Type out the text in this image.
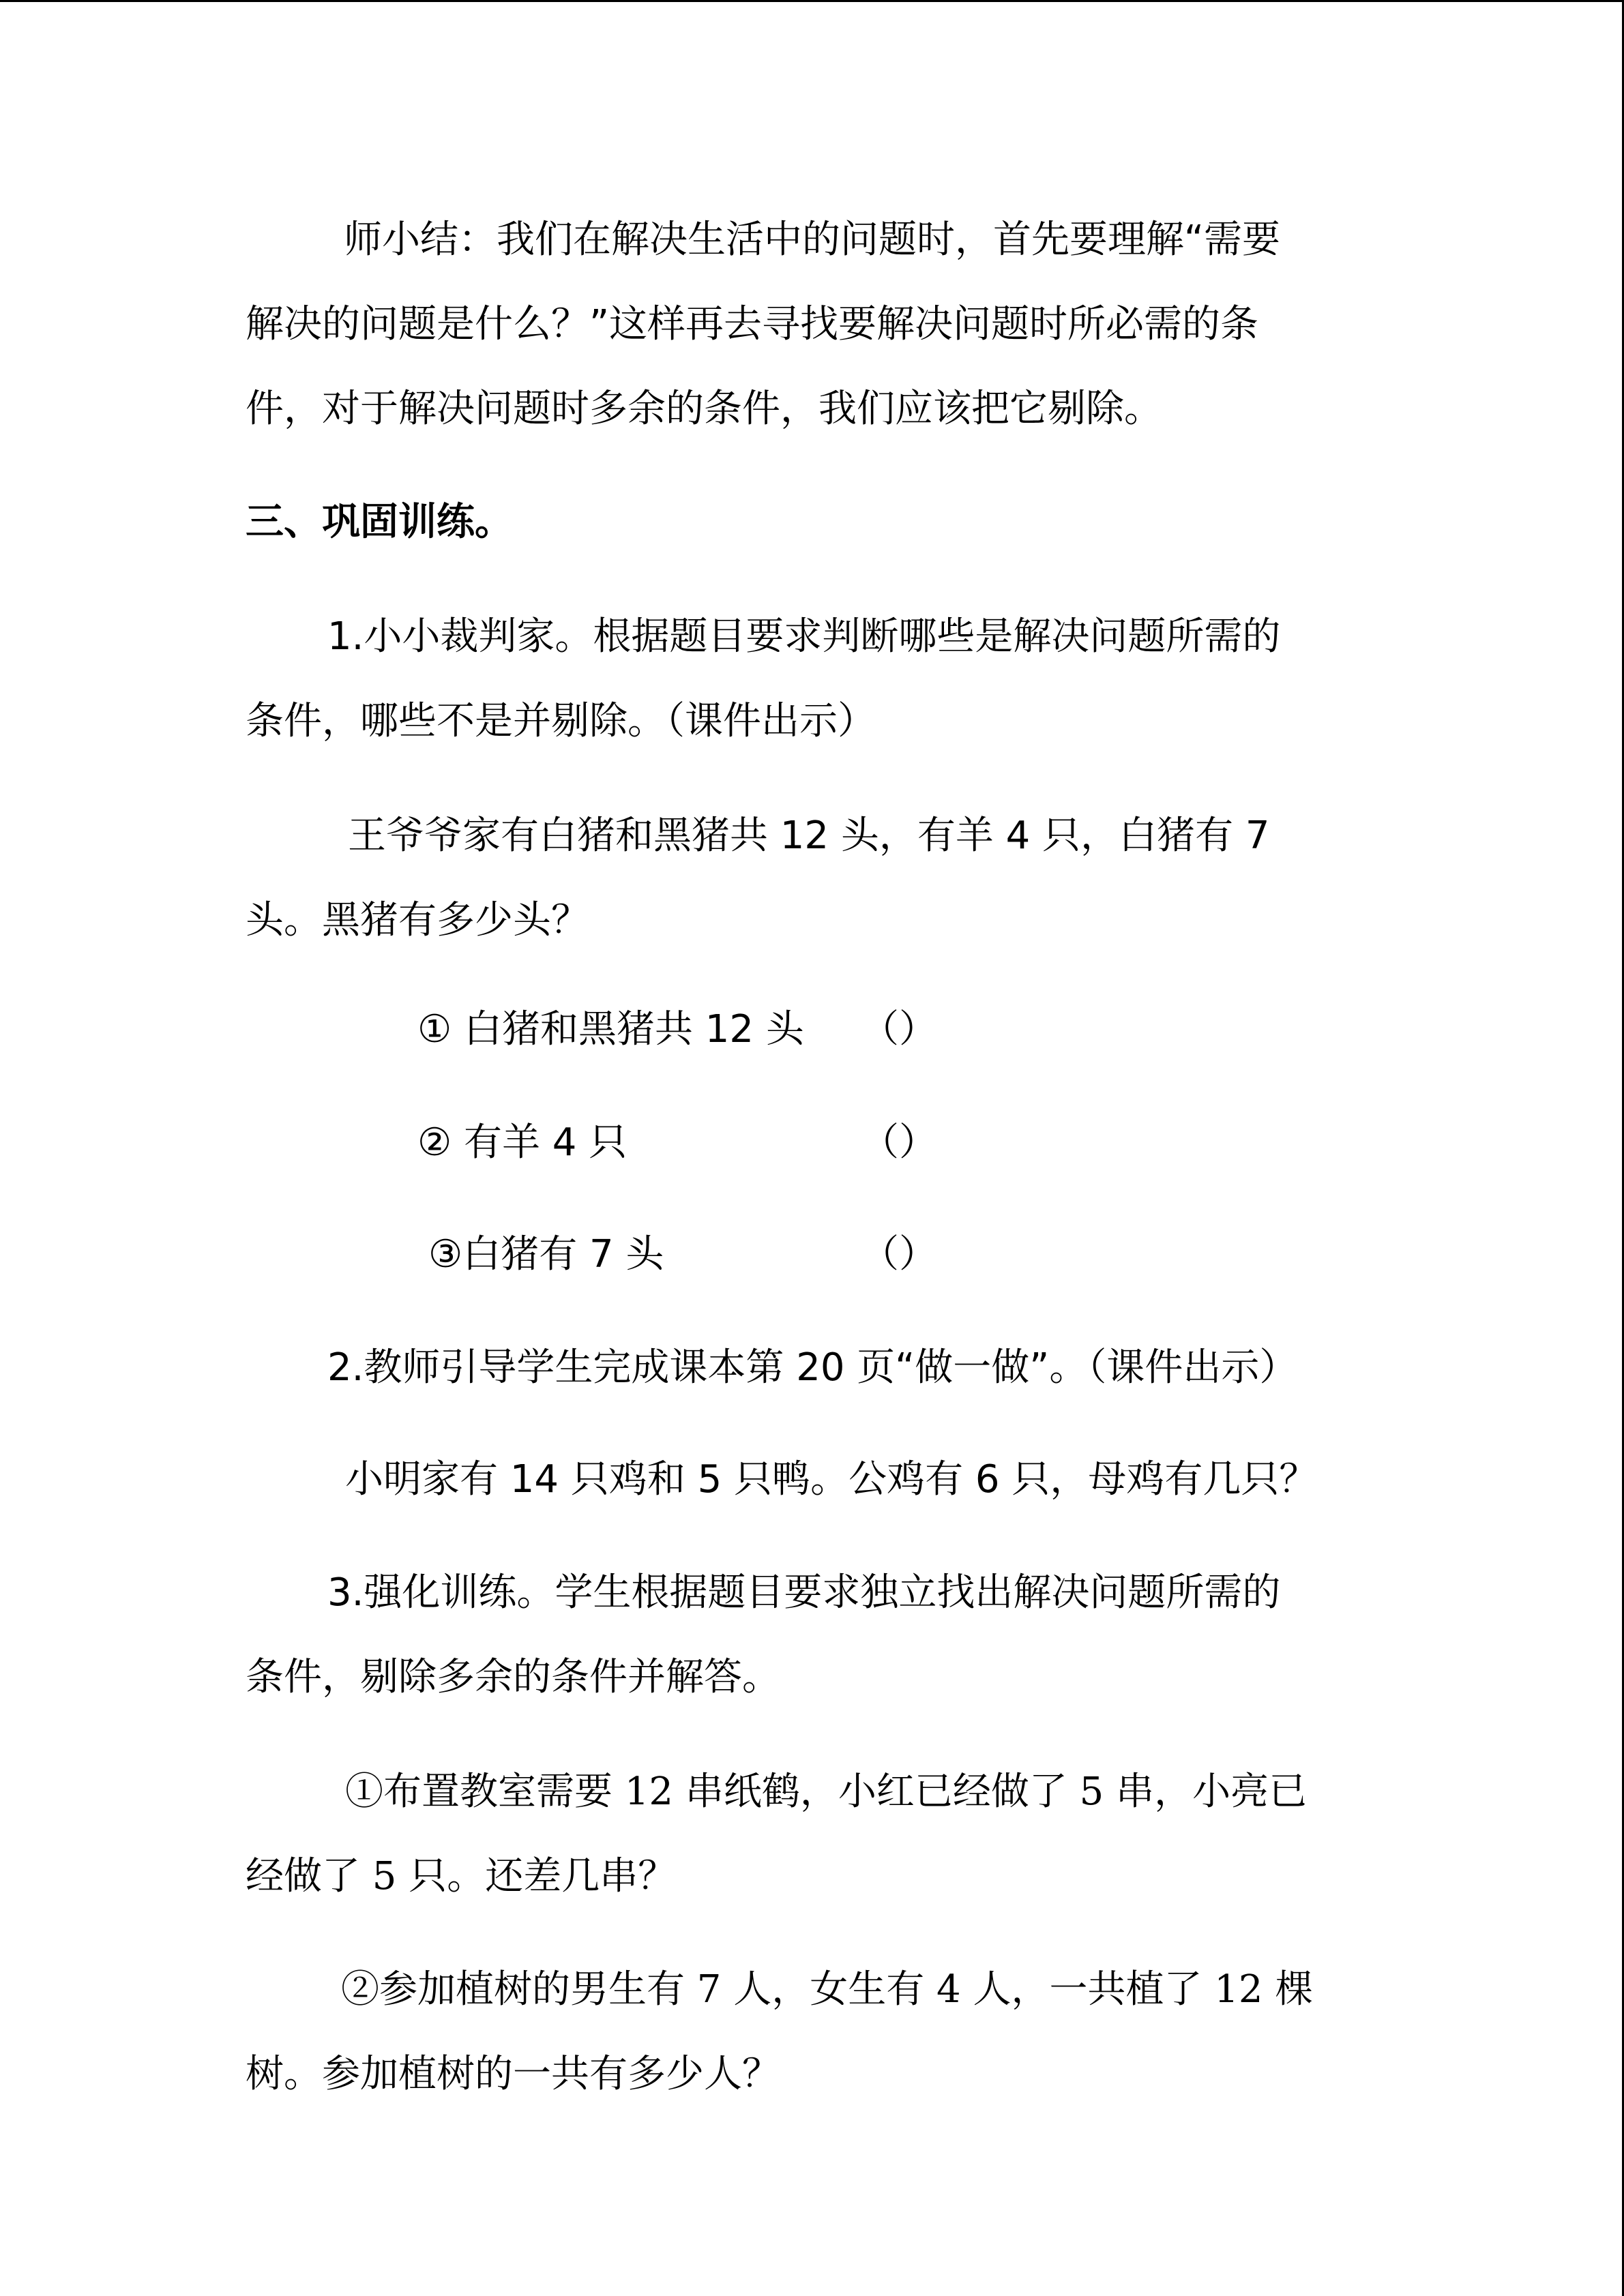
师小结：我们在解决生活中的问题时，首先要理解“需要

解决的问题是什么？”这样再去寻找要解决问题时所必需的条

件，对于解决问题时多余的条件，我们应该把它剔除。

三、巩固训练。

1.小小裁判家。根据题目要求判断哪些是解决问题所需的

条件，哪些不是并剔除。（课件出示）

王爷爷家有白猪和黑猪共 12 头，有羊 4 只，白猪有 7

头。黑猪有多少头？

① 白猪和黑猪共 12 头 （）

② 有羊 4 只	（）

③白猪有 7 头	（）

2.教师引导学生完成课本第 20 页“做一做”。（课件出示）

小明家有 14 只鸡和 5 只鸭。公鸡有 6 只，母鸡有几只？

3.强化训练。学生根据题目要求独立找出解决问题所需的

条件，剔除多余的条件并解答。

①布置教室需要 12 串纸鹤，小红已经做了 5 串，小亮已

经做了 5 只。还差几串？

②参加植树的男生有 7 人，女生有 4 人，一共植了 12 棵

树。参加植树的一共有多少人？
